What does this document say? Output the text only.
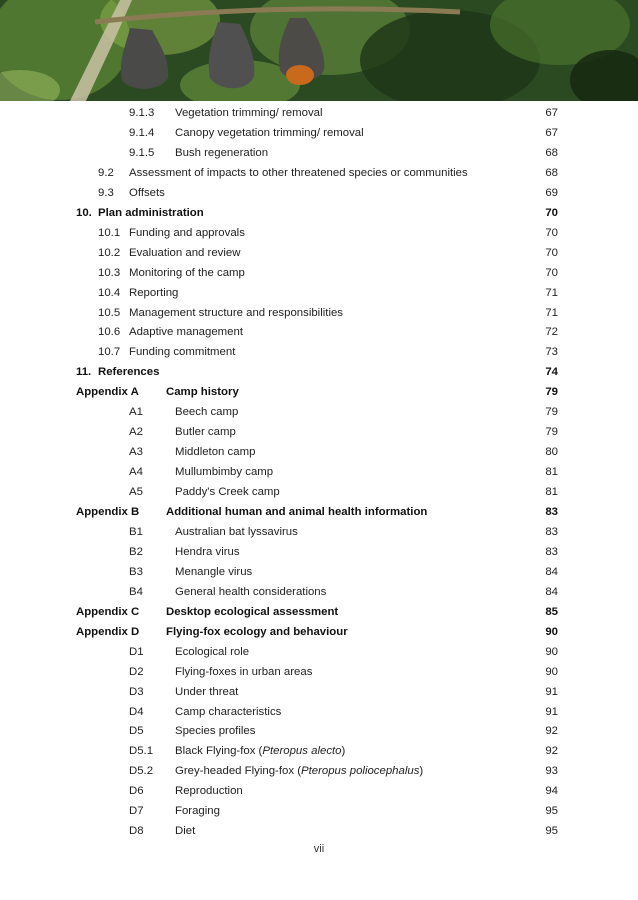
9.1.3 Vegetation trimming/ removal	67
9.1.4 Canopy vegetation trimming/ removal	67
9.1.5 Bush regeneration	68
9.2 Assessment of impacts to other threatened species or communities	68
9.3 Offsets	69
10. Plan administration	70
10.1 Funding and approvals	70
10.2 Evaluation and review	70
10.3 Monitoring of the camp	70
10.4 Reporting	71
10.5 Management structure and responsibilities	71
10.6 Adaptive management	72
10.7 Funding commitment	73
11. References	74
Appendix A Camp history	79
A1	Beech camp	79
A2	Butler camp	79
A3	Middleton camp	80
A4	Mullumbimby camp	81
A5	Paddy's Creek camp	81
Appendix B Additional human and animal health information	83
B1	Australian bat lyssavirus	83
B2	Hendra virus	83
B3	Menangle virus	84
B4	General health considerations	84
Appendix C Desktop ecological assessment	85
Appendix D Flying-fox ecology and behaviour	90
D1	Ecological role	90
D2	Flying-foxes in urban areas	90
D3	Under threat	91
D4	Camp characteristics	91
D5	Species profiles	92
D5.1 Black Flying-fox (Pteropus alecto)	92
D5.2 Grey-headed Flying-fox (Pteropus poliocephalus)	93
D6	Reproduction	94
D7	Foraging	95
D8	Diet	95
vii
